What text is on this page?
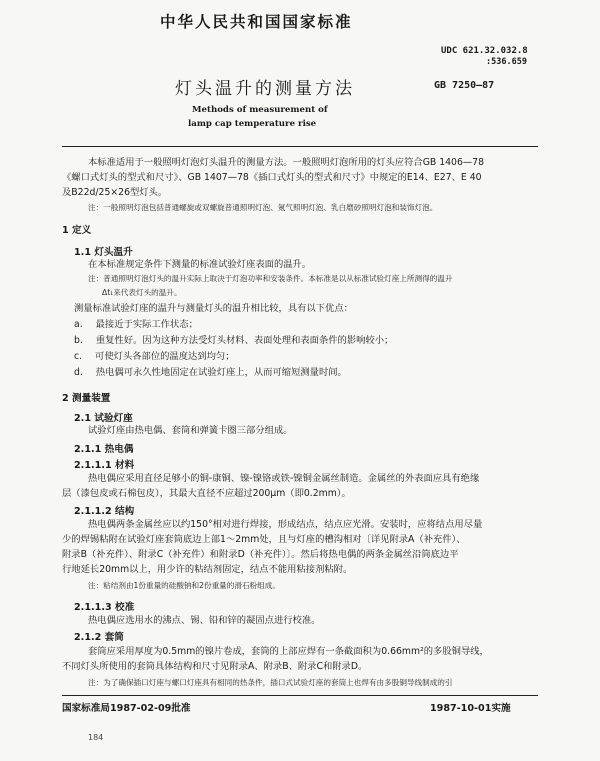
中华人民共和国国家标准
UDC 621.32.032.8
:536.659
灯头温升的测量方法	GB 7250—87
Methods of measurement of
lamp cap temperature rise
本标准适用于一般照明灯泡灯头温升的测量方法。一般照明灯泡所用的灯头应符合GB 1406—78
《螺口式灯头的型式和尺寸》、GB 1407—78《插口式灯头的型式和尺寸》中规定的E14、E27、E 40
及B22d/25×26型灯头。
注：一般照明灯泡包括普通螺旋或双螺旋普通照明灯泡、氪气照明灯泡、乳白磨砂照明灯泡和装饰灯泡。
1 定义
1.1 灯头温升
在本标准规定条件下测量的标准试验灯座表面的温升。
注：普通照明灯泡灯头的温升实际上取决于灯泡功率和安装条件。本标准是以从标准试验灯座上所测得的温升
Δt₁来代表灯头的温升。
测量标准试验灯座的温升与测量灯头的温升相比较，具有以下优点：
a. 最接近于实际工作状态；
b. 重复性好。因为这种方法受灯头材料、表面处理和表面条件的影响较小；
c. 可使灯头各部位的温度达到均匀；
d. 热电偶可永久性地固定在试验灯座上，从而可缩短测量时间。
2 测量装置
2.1 试验灯座
试验灯座由热电偶、套筒和弹簧卡圈三部分组成。
2.1.1 热电偶
2.1.1.1 材料
热电偶应采用直径足够小的铜-康铜、镍-镍铬或铁-镍铜金属丝制造。金属丝的外表面应具有绝缘
层（漆包皮或石棉包皮），其最大直径不应超过200μm（即0.2mm）。
2.1.1.2 结构
热电偶两条金属丝应以约150°相对进行焊接，形成结点，结点应光滑。安装时，应将结点用尽量
少的焊锡粘附在试验灯座套筒底边上部1～2mm处，且与灯座的槽沟相对〔详见附录A（补充件）、
附录B（补充件）、附录C（补充件）和附录D（补充件）〕。然后将热电偶的两条金属丝沿筒底边平
行地延长20mm以上，用少许的粘结剂固定，结点不能用粘接剂粘附。
注：粘结剂由1份重量的硅酸钠和2份重量的滑石粉组成。
2.1.1.3 校准
热电偶应选用水的沸点、锡、铅和锌的凝固点进行校准。
2.1.2 套筒
套筒应采用厚度为0.5mm的镍片卷成，套筒的上部应焊有一条截面积为0.66mm²的多股铜导线，
不同灯头所使用的套筒具体结构和尺寸见附录A、附录B、附录C和附录D。
注：为了确保插口灯座与螺口灯座具有相同的热条件，插口式试验灯座的套筒上也焊有由多股铜导线制成的引
国家标准局1987-02-09批准	1987-10-01实施
184
